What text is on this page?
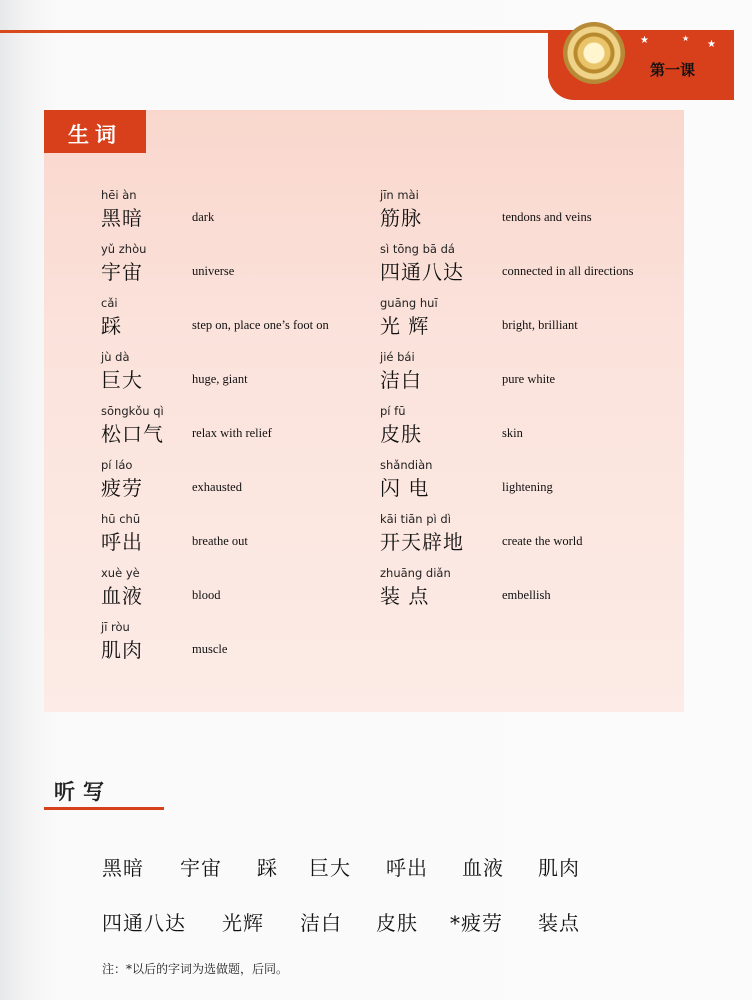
★	★
★
★
★
第一课
生词
hēi àn
黑暗	dark
yǔ zhòu
宇宙	universe
cǎi
踩	step on, place one’s foot on
jù dà
巨大	huge, giant
sōngkǒu qì
松口气 relax with relief
pí láo
疲劳	exhausted
hū chū
呼出	breathe out
xuè yè
血液	blood
jī ròu
肌肉	muscle
jīn mài
筋脉	tendons and veins
sì tōng bā dá
四通八达	connected in all directions
guāng huī
光 辉	bright, brilliant
jié bái
洁白	pure white
pí fū
皮肤	skin
shǎndiàn
闪 电	lightening
kāi tiān pì dì
开天辟地	create the world
zhuāng diǎn
装 点	embellish
听写
黑暗 宇宙 踩 巨大 呼出 血液 肌肉
四通八达 光辉 洁白 皮肤 *疲劳 装点
注：*以后的字词为选做题，后同。
